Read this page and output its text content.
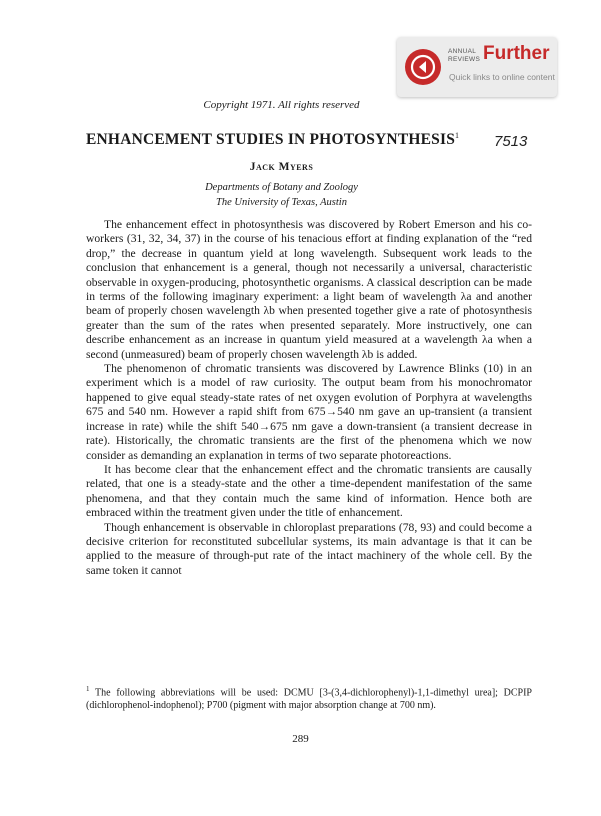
ANNUAL
REVIEWS Further
Quick links to online content
Copyright 1971. All rights reserved
ENHANCEMENT STUDIES IN PHOTOSYNTHESIS$^1$ 7513
Jack Myers
Departments of Botany and Zoology
The University of Texas, Austin

The enhancement effect in photosynthesis was discovered by Robert Emerson and his co-workers (31, 32, 34, 37) in the course of his tenacious effort at finding explanation of the “red drop,” the decrease in quantum yield at long wavelength. Subsequent work leads to the conclusion that enhancement is a general, though not necessarily a universal, characteristic observable in oxygen-producing, photosynthetic organisms. A classical description can be made in terms of the following imaginary experiment: a light beam of wavelength λa and another beam of properly chosen wavelength λb when presented together give a rate of photosynthesis greater than the sum of the rates when presented separately. More instructively, one can describe enhancement as an increase in quantum yield measured at a wavelength λa when a second (unmeasured) beam of properly chosen wavelength λb is added.

The phenomenon of chromatic transients was discovered by Lawrence Blinks (10) in an experiment which is a model of raw curiosity. The output beam from his monochromator happened to give equal steady-state rates of net oxygen evolution of Porphyra at wavelengths 675 and 540 nm. However a rapid shift from 675→540 nm gave an up-transient (a transient increase in rate) while the shift 540→675 nm gave a down-transient (a transient decrease in rate). Historically, the chromatic transients are the first of the phenomena which we now consider as demanding an explanation in terms of two separate photoreactions.

It has become clear that the enhancement effect and the chromatic transients are causally related, that one is a steady-state and the other a time-dependent manifestation of the same phenomena, and that they contain much the same kind of information. Hence both are embraced within the treatment given under the title of enhancement.

Though enhancement is observable in chloroplast preparations (78, 93) and could become a decisive criterion for reconstituted subcellular systems, its main advantage is that it can be applied to the measure of through-put rate of the intact machinery of the whole cell. By the same token it cannot

$^1$ The following abbreviations will be used: DCMU [3-(3,4-dichlorophenyl)-1,1-dimethyl urea]; DCPIP (dichlorophenol-indophenol); P700 (pigment with major absorption change at 700 nm).
289
